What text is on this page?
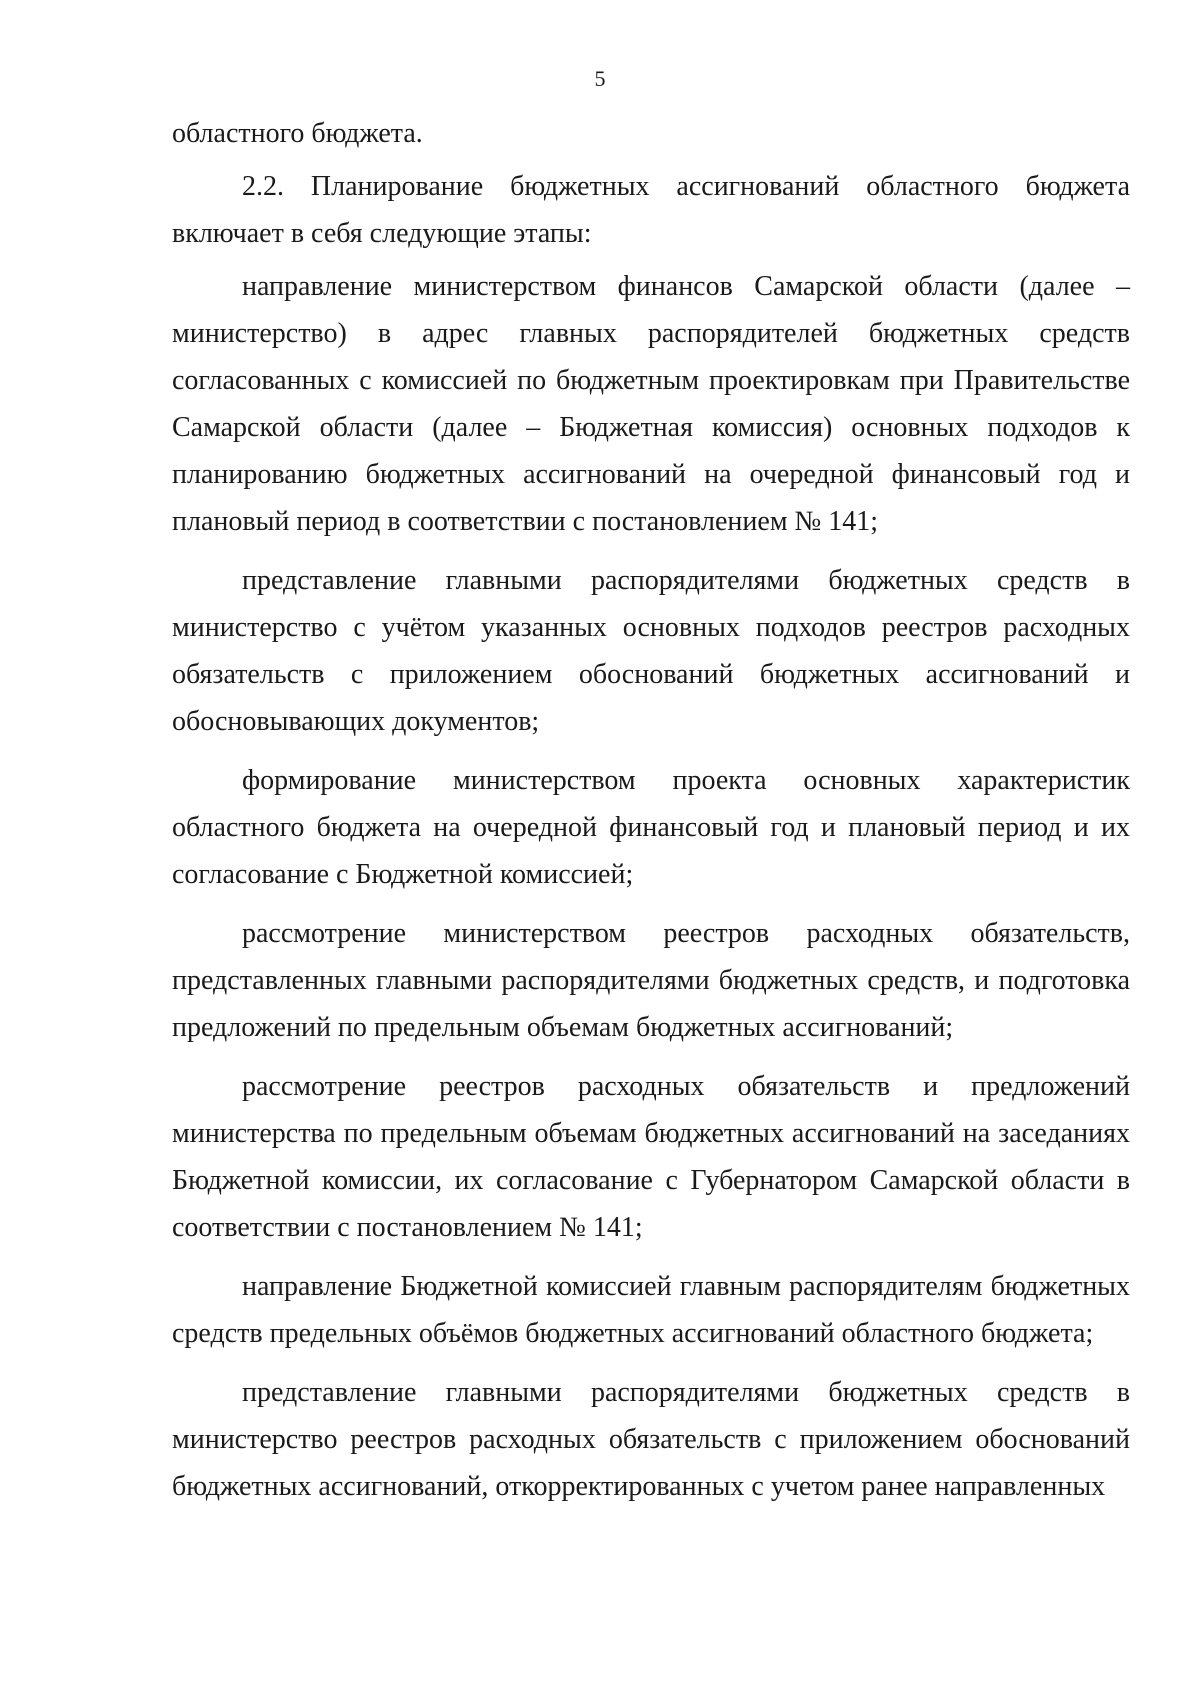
5

областного бюджета.

2.2. Планирование бюджетных ассигнований областного бюджета включает в себя следующие этапы:

направление министерством финансов Самарской области (далее – министерство) в адрес главных распорядителей бюджетных средств согласованных с комиссией по бюджетным проектировкам при Правительстве Самарской области (далее – Бюджетная комиссия) основных подходов к планированию бюджетных ассигнований на очередной финансовый год и плановый период в соответствии с постановлением № 141;

представление главными распорядителями бюджетных средств в министерство с учётом указанных основных подходов реестров расходных обязательств с приложением обоснований бюджетных ассигнований и обосновывающих документов;

формирование министерством проекта основных характеристик областного бюджета на очередной финансовый год и плановый период и их согласование с Бюджетной комиссией;

рассмотрение министерством реестров расходных обязательств, представленных главными распорядителями бюджетных средств, и подготовка предложений по предельным объемам бюджетных ассигнований;

рассмотрение реестров расходных обязательств и предложений министерства по предельным объемам бюджетных ассигнований на заседаниях Бюджетной комиссии, их согласование с Губернатором Самарской области в соответствии с постановлением № 141;

направление Бюджетной комиссией главным распорядителям бюджетных средств предельных объёмов бюджетных ассигнований областного бюджета;

представление главными распорядителями бюджетных средств в министерство реестров расходных обязательств с приложением обоснований бюджетных ассигнований, откорректированных с учетом ранее направленных
